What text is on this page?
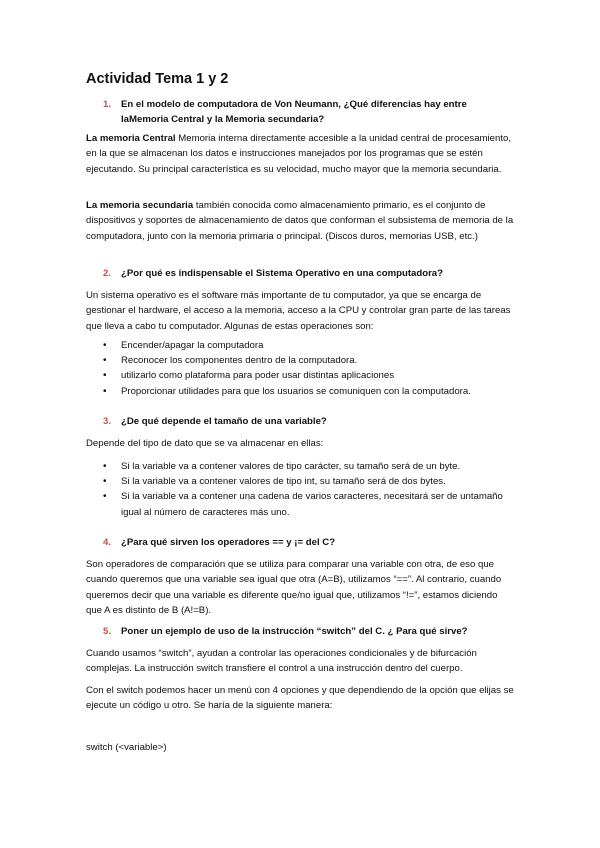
Actividad Tema 1 y 2
1. En el modelo de computadora de Von Neumann, ¿Qué diferencias hay entre
laMemoria Central y la Memoria secundaria?

La memoria Central Memoria interna directamente accesible a la unidad central de procesamiento, en la que se almacenan los datos e instrucciones manejados por los programas que se estén ejecutando. Su principal característica es su velocidad, mucho mayor que la memoria secundaria.

La memoria secundaria también conocida como almacenamiento primario, es el conjunto de dispositivos y soportes de almacenamiento de datos que conforman el subsistema de memoria de la computadora, junto con la memoria primaria o principal. (Discos duros, memorias USB, etc.)

2. ¿Por qué es indispensable el Sistema Operativo en una computadora?

Un sistema operativo es el software más importante de tu computador, ya que se encarga de gestionar el hardware, el acceso a la memoria, acceso a la CPU y controlar gran parte de las tareas que lleva a cabo tu computador. Algunas de estas operaciones son:

• Encender/apagar la computadora
• Reconocer los componentes dentro de la computadora.
• utilizarlo como plataforma para poder usar distintas aplicaciones
• Proporcionar utilidades para que los usuarios se comuniquen con la computadora.
3. ¿De qué depende el tamaño de una variable?

Depende del tipo de dato que se va almacenar en ellas:

• Si la variable va a contener valores de tipo carácter, su tamaño será de un byte.
• Si la variable va a contener valores de tipo int, su tamaño será de dos bytes.
• Si la variable va a contener una cadena de varios caracteres, necesitará ser de untamaño igual al número de caracteres más uno.
4. ¿Para qué sirven los operadores == y ¡= del C?

Son operadores de comparación que se utiliza para comparar una variable con otra, de eso que cuando queremos que una variable sea igual que otra (A=B), utilizamos “==”. Al contrario, cuando queremos decir que una variable es diferente que/no igual que, utilizamos “!=”, estamos diciendo que A es distinto de B (A!=B).

5. Poner un ejemplo de uso de la instrucción “switch” del C. ¿ Para qué sirve?

Cuando usamos “switch”, ayudan a controlar las operaciones condicionales y de bifurcación complejas. La instrucción switch transfiere el control a una instrucción dentro del cuerpo.

Con el switch podemos hacer un menú con 4 opciones y que dependiendo de la opción que elijas se ejecute un código u otro. Se haría de la siguiente manera:

switch (<variable>)
